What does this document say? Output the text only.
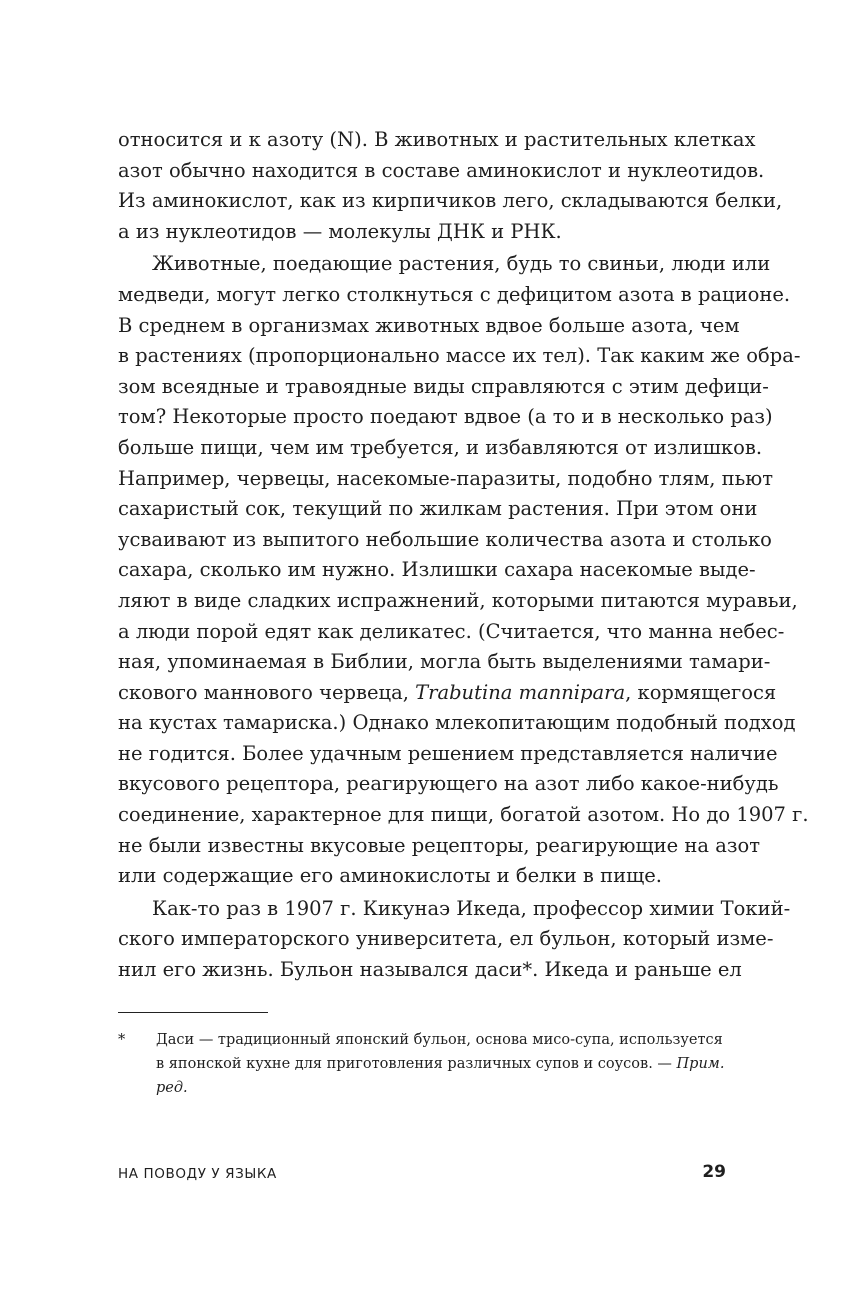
относится и к азоту (N). В животных и растительных клетках
азот обычно находится в составе аминокислот и нуклеотидов.
Из аминокислот, как из кирпичиков лего, складываются белки,
а из нуклеотидов — молекулы ДНК и РНК.
Животные, поедающие растения, будь то свиньи, люди или
медведи, могут легко столкнуться с дефицитом азота в рационе.
В среднем в организмах животных вдвое больше азота, чем
в растениях (пропорционально массе их тел). Так каким же обра-
зом всеядные и травоядные виды справляются с этим дефици-
том? Некоторые просто поедают вдвое (а то и в несколько раз)
больше пищи, чем им требуется, и избавляются от излишков.
Например, червецы, насекомые-паразиты, подобно тлям, пьют
сахаристый сок, текущий по жилкам растения. При этом они
усваивают из выпитого небольшие количества азота и столько
сахара, сколько им нужно. Излишки сахара насекомые выде-
ляют в виде сладких испражнений, которыми питаются муравьи,
а люди порой едят как деликатес. (Считается, что манна небес-
ная, упоминаемая в Библии, могла быть выделениями тамари-
скового маннового червеца, Trabutina mannipara, кормящегося
на кустах тамариска.) Однако млекопитающим подобный подход
не годится. Более удачным решением представляется наличие
вкусового рецептора, реагирующего на азот либо какое-нибудь
соединение, характерное для пищи, богатой азотом. Но до 1907 г.
не были известны вкусовые рецепторы, реагирующие на азот
или содержащие его аминокислоты и белки в пище.
Как-то раз в 1907 г. Кикунаэ Икеда, профессор химии Токий-
ского императорского университета, ел бульон, который изме-
нил его жизнь. Бульон назывался даси*. Икеда и раньше ел
* Даси — традиционный японский бульон, основа мисо-супа, используется
в японской кухне для приготовления различных супов и соусов. — Прим.
ред.
НА ПОВОДУ У ЯЗЫКА	29
